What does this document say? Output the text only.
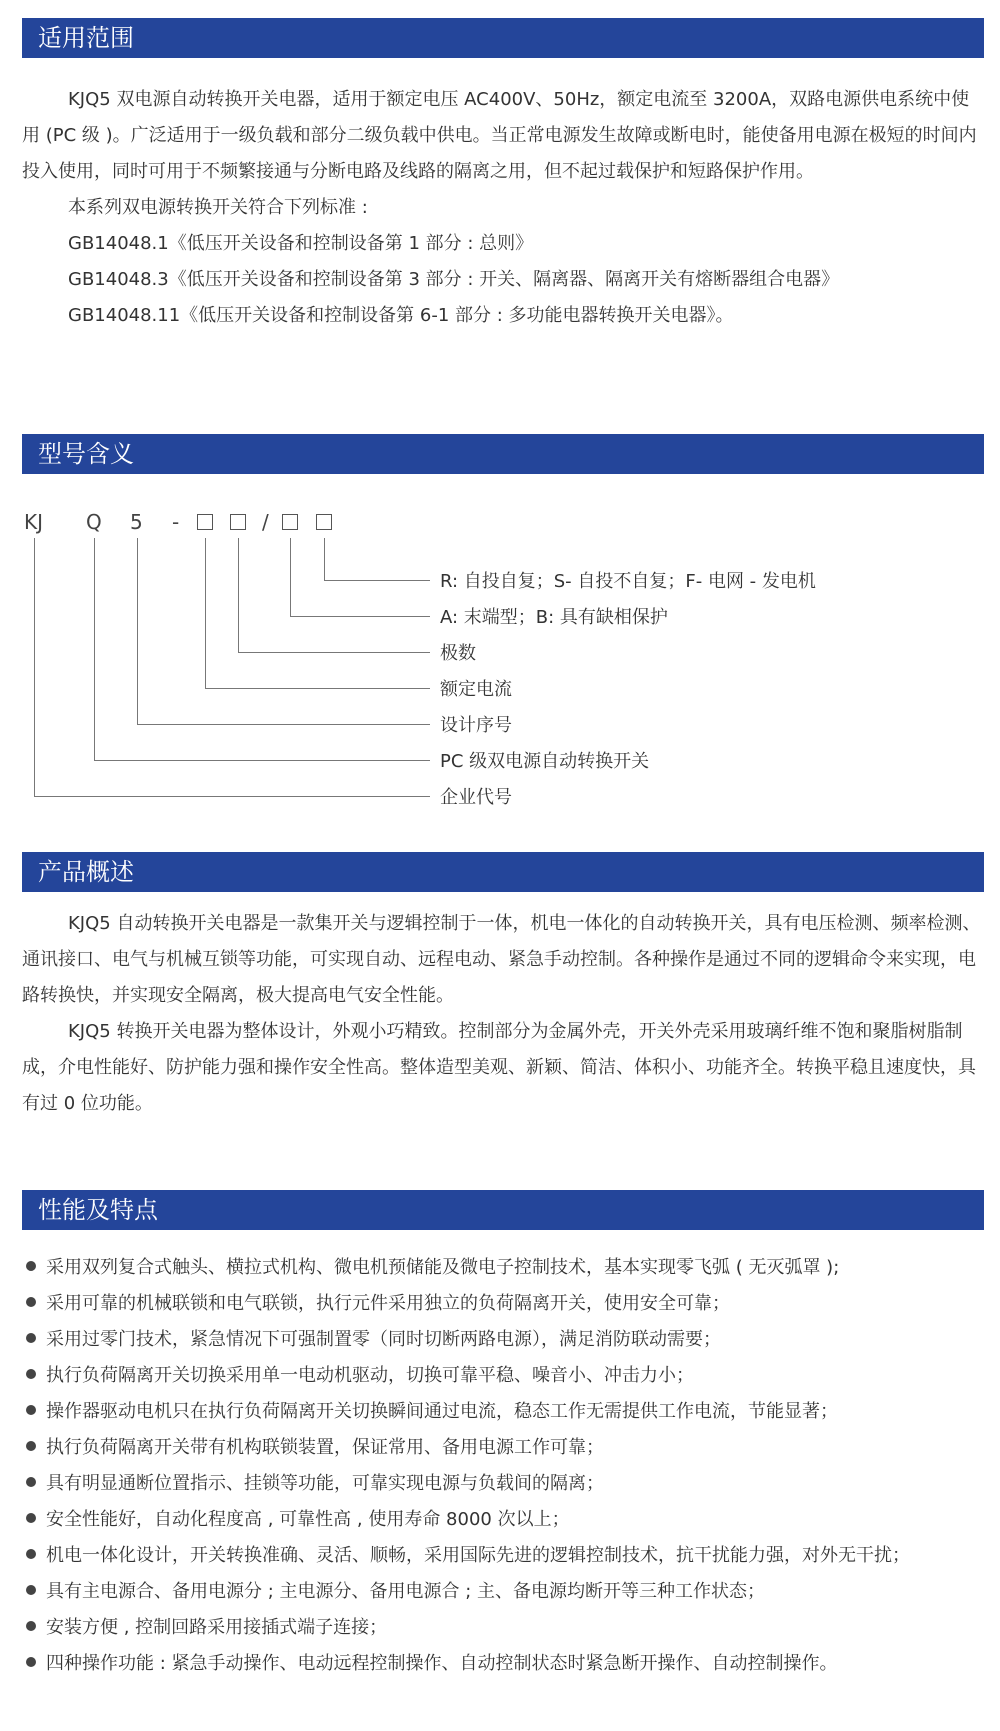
适用范围

KJQ5 双电源自动转换开关电器，适用于额定电压 AC400V、50Hz，额定电流至 3200A，双路电源供电系统中使用 (PC 级 )。广泛适用于一级负载和部分二级负载中供电。当正常电源发生故障或断电时，能使备用电源在极短的时间内投入使用，同时可用于不频繁接通与分断电路及线路的隔离之用，但不起过载保护和短路保护作用。

本系列双电源转换开关符合下列标准 :

GB14048.1《低压开关设备和控制设备第 1 部分 : 总则》

GB14048.3《低压开关设备和控制设备第 3 部分 : 开关、隔离器、隔离开关有熔断器组合电器》

GB14048.11《低压开关设备和控制设备第 6-1 部分 : 多功能电器转换开关电器》。

型号含义
KJ Q 5 -	/
R: 自投自复；S- 自投不自复；F- 电网 - 发电机
A: 末端型；B: 具有缺相保护
极数
额定电流
设计序号
PC 级双电源自动转换开关
企业代号
产品概述

KJQ5 自动转换开关电器是一款集开关与逻辑控制于一体，机电一体化的自动转换开关，具有电压检测、频率检测、通讯接口、电气与机械互锁等功能，可实现自动、远程电动、紧急手动控制。各种操作是通过不同的逻辑命令来实现，电路转换快，并实现安全隔离，极大提高电气安全性能。

KJQ5 转换开关电器为整体设计，外观小巧精致。控制部分为金属外壳，开关外壳采用玻璃纤维不饱和聚脂树脂制成，介电性能好、防护能力强和操作安全性高。整体造型美观、新颖、简洁、体积小、功能齐全。转换平稳且速度快，具有过 0 位功能。

性能及特点
采用双列复合式触头、横拉式机构、微电机预储能及微电子控制技术，基本实现零飞弧 ( 无灭弧罩 );
采用可靠的机械联锁和电气联锁，执行元件采用独立的负荷隔离开关，使用安全可靠；
采用过零门技术，紧急情况下可强制置零（同时切断两路电源），满足消防联动需要；
执行负荷隔离开关切换采用单一电动机驱动，切换可靠平稳、噪音小、冲击力小；
操作器驱动电机只在执行负荷隔离开关切换瞬间通过电流，稳态工作无需提供工作电流，节能显著；
执行负荷隔离开关带有机构联锁装置，保证常用、备用电源工作可靠；
具有明显通断位置指示、挂锁等功能，可靠实现电源与负载间的隔离；
安全性能好，自动化程度高 , 可靠性高 , 使用寿命 8000 次以上；
机电一体化设计，开关转换准确、灵活、顺畅，采用国际先进的逻辑控制技术，抗干扰能力强，对外无干扰；
具有主电源合、备用电源分 ; 主电源分、备用电源合 ; 主、备电源均断开等三种工作状态；
安装方便 , 控制回路采用接插式端子连接；
四种操作功能 : 紧急手动操作、电动远程控制操作、自动控制状态时紧急断开操作、自动控制操作。
